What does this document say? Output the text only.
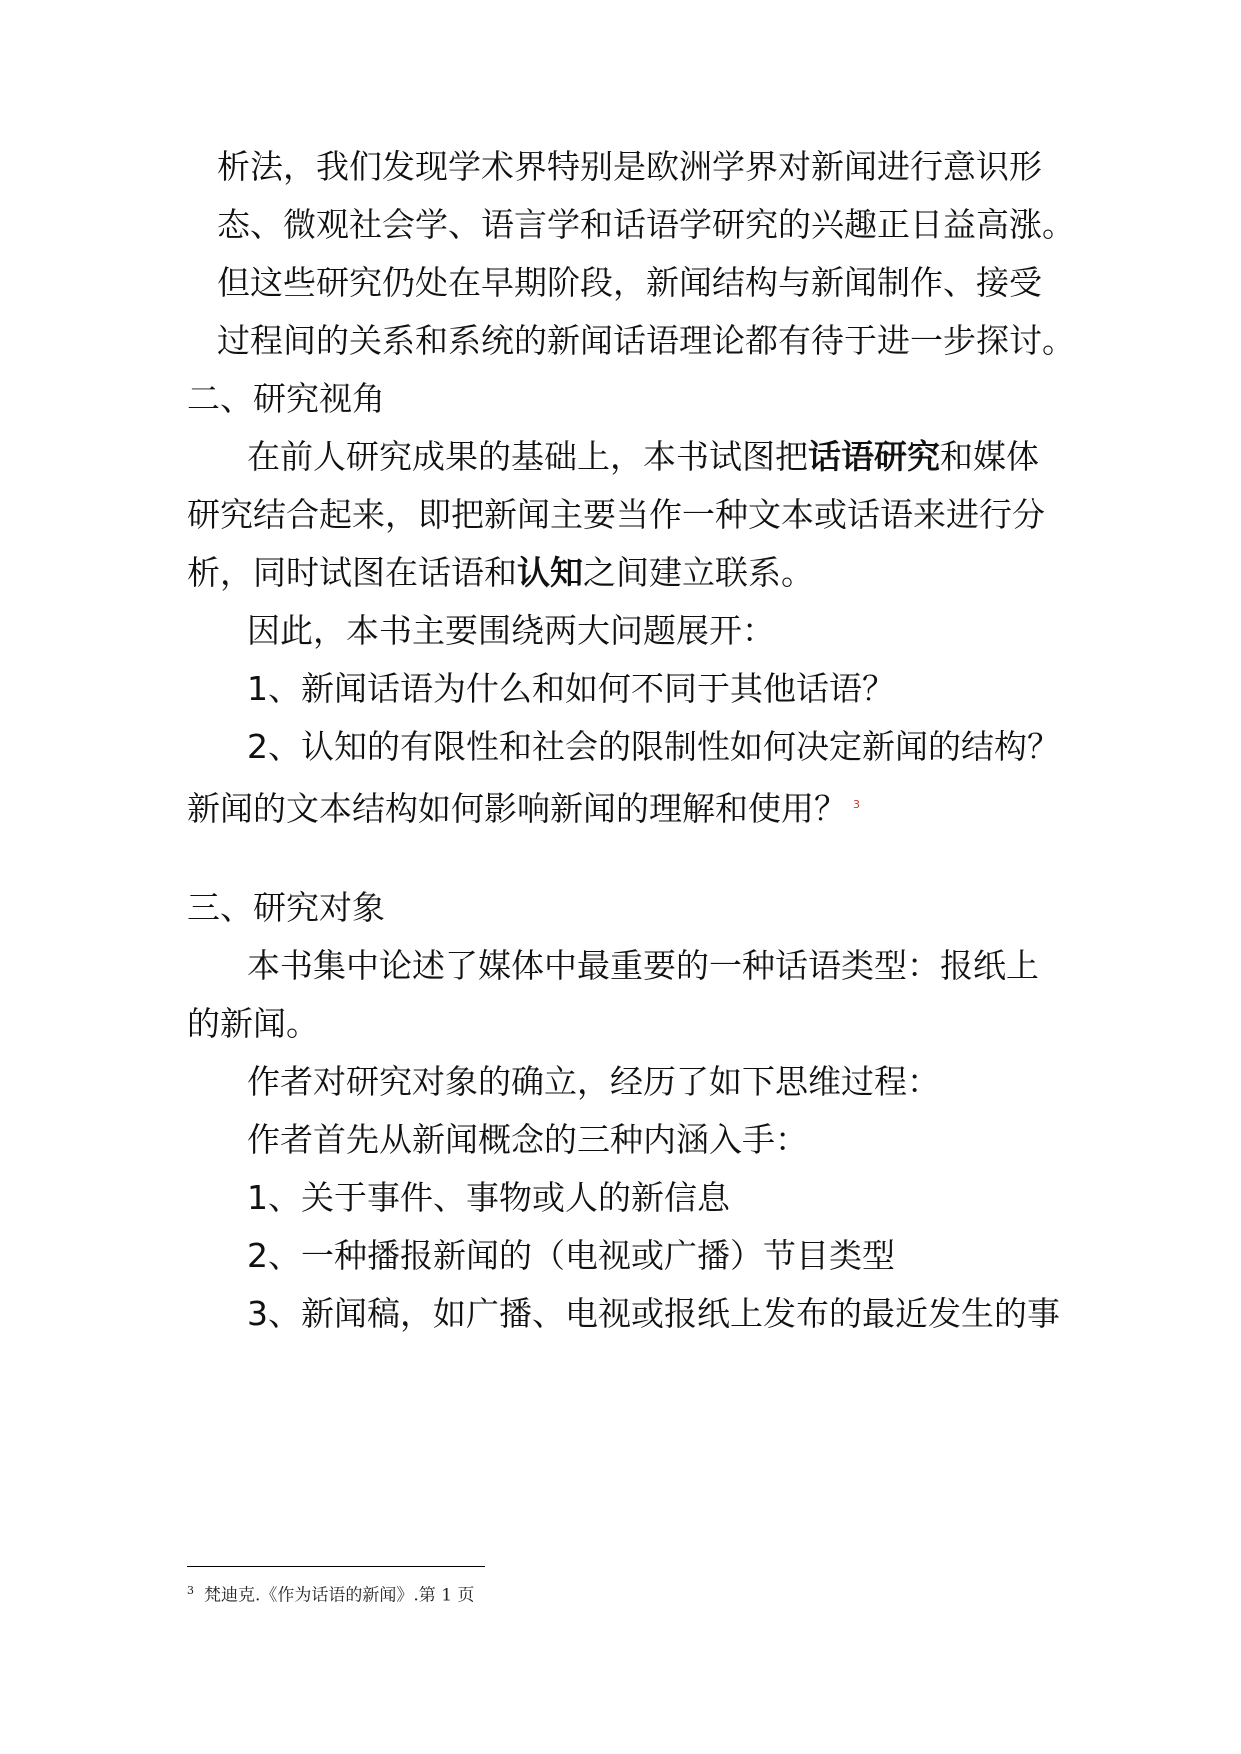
析法，我们发现学术界特别是欧洲学界对新闻进行意识形

态、微观社会学、语言学和话语学研究的兴趣正日益高涨。

但这些研究仍处在早期阶段，新闻结构与新闻制作、接受

过程间的关系和系统的新闻话语理论都有待于进一步探讨。

二、研究视角

在前人研究成果的基础上，本书试图把话语研究和媒体

研究结合起来，即把新闻主要当作一种文本或话语来进行分

析，同时试图在话语和认知之间建立联系。

因此，本书主要围绕两大问题展开：

1、新闻话语为什么和如何不同于其他话语？

2、认知的有限性和社会的限制性如何决定新闻的结构？

新闻的文本结构如何影响新闻的理解和使用？ $^3$

三、研究对象

本书集中论述了媒体中最重要的一种话语类型：报纸上

的新闻。

作者对研究对象的确立，经历了如下思维过程：

作者首先从新闻概念的三种内涵入手：

1、关于事件、事物或人的新信息

2、一种播报新闻的（电视或广播）节目类型

3、新闻稿，如广播、电视或报纸上发布的最近发生的事

$^3$ 梵迪克.《作为话语的新闻》.第 1 页
